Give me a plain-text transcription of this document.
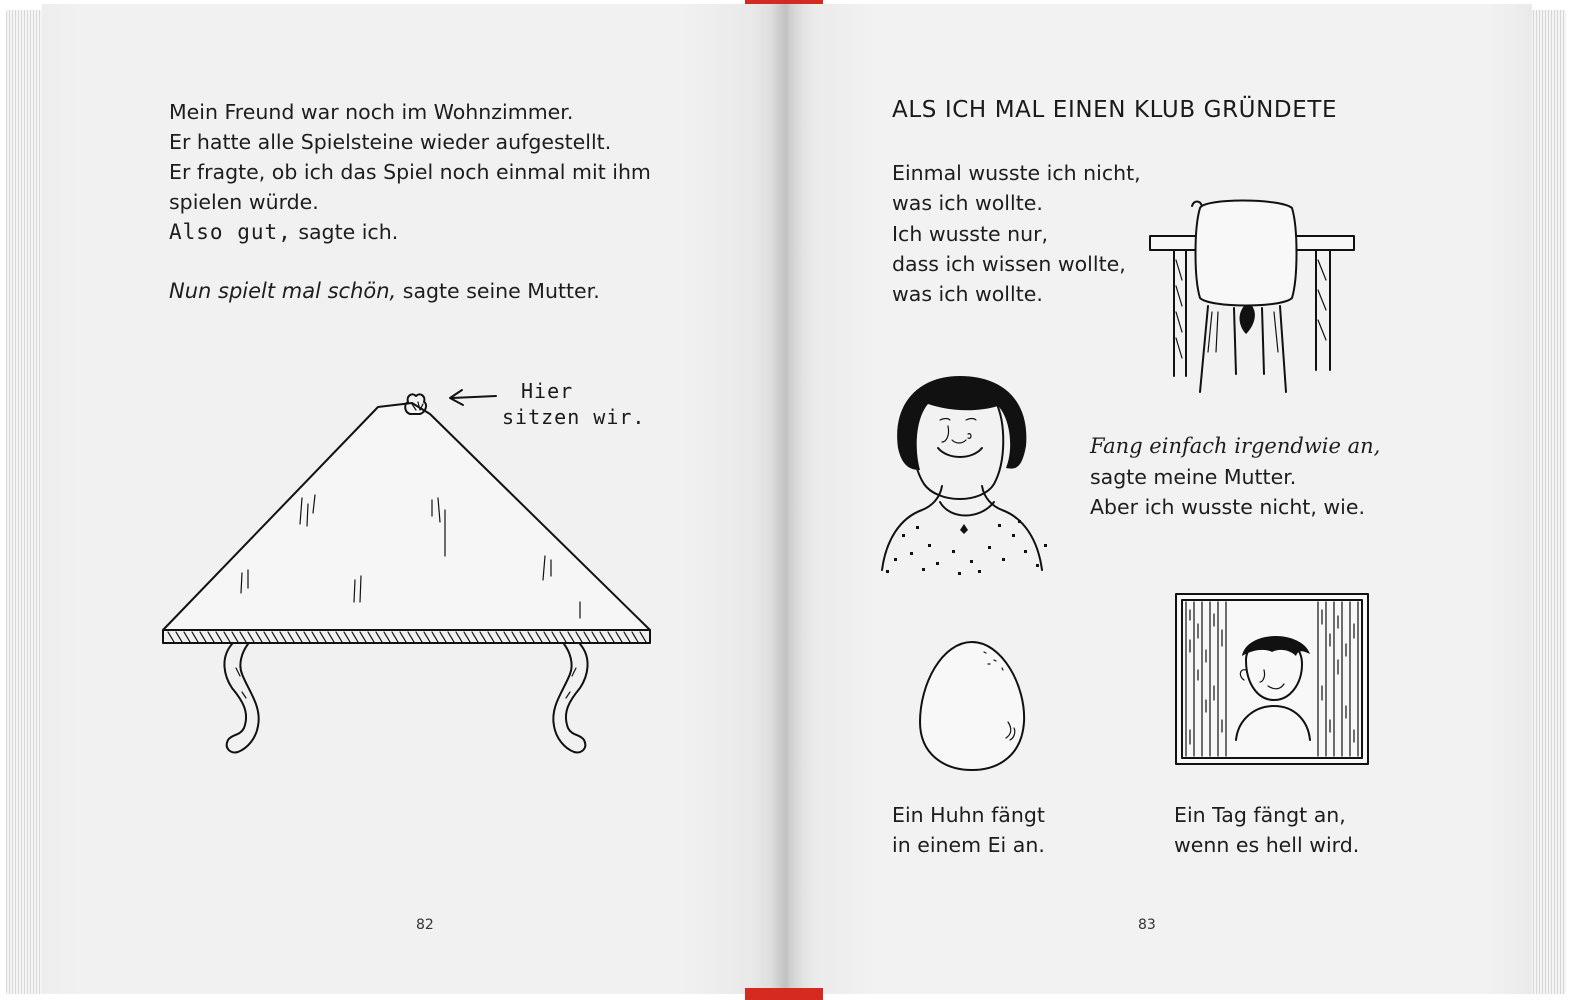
Mein Freund war noch im Wohnzimmer.
Er hatte alle Spielsteine wieder aufgestellt.
Er fragte, ob ich das Spiel noch einmal mit ihm
spielen würde.
Also gut, sagte ich.
Nun spielt mal schön, sagte seine Mutter.
Hier
sitzen wir.
82
ALS ICH MAL EINEN KLUB GRÜNDETE
Einmal wusste ich nicht,
was ich wollte.
Ich wusste nur,
dass ich wissen wollte,
was ich wollte.
Fang einfach irgendwie an,
sagte meine Mutter.
Aber ich wusste nicht, wie.
Ein Huhn fängt
in einem Ei an.
Ein Tag fängt an,
wenn es hell wird.
83
